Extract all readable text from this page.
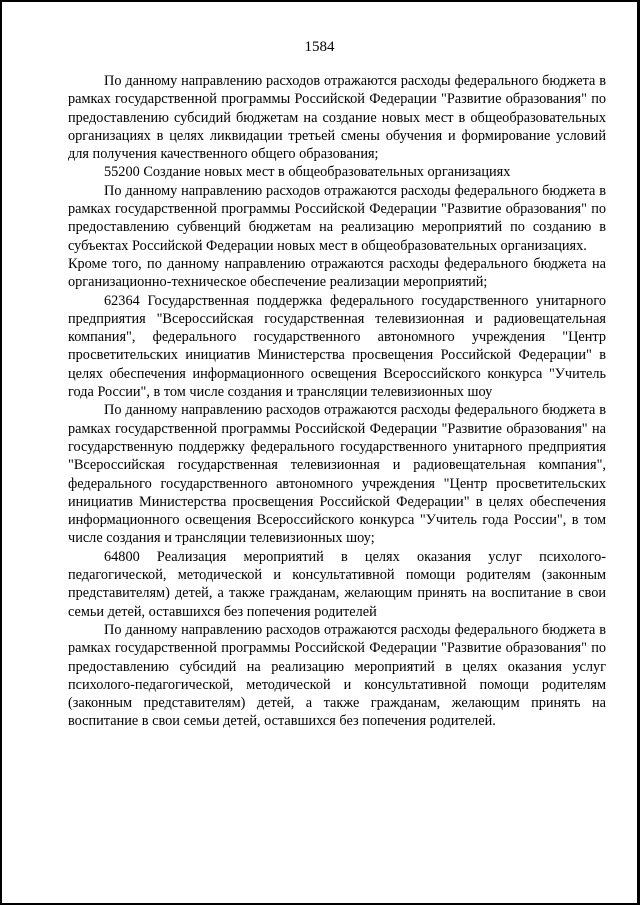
1584

По данному направлению расходов отражаются расходы федерального бюджета в рамках государственной программы Российской Федерации "Развитие образования" по предоставлению субсидий бюджетам на создание новых мест в общеобразовательных организациях в целях ликвидации третьей смены обучения и формирование условий для получения качественного общего образования;

55200 Создание новых мест в общеобразовательных организациях

По данному направлению расходов отражаются расходы федерального бюджета в рамках государственной программы Российской Федерации "Развитие образования" по предоставлению субвенций бюджетам на реализацию мероприятий по созданию в субъектах Российской Федерации новых мест в общеобразовательных организациях.

Кроме того, по данному направлению отражаются расходы федерального бюджета на организационно-техническое обеспечение реализации мероприятий;

62364 Государственная поддержка федерального государственного унитарного предприятия "Всероссийская государственная телевизионная и радиовещательная компания", федерального государственного автономного учреждения "Центр просветительских инициатив Министерства просвещения Российской Федерации" в целях обеспечения информационного освещения Всероссийского конкурса "Учитель года России", в том числе создания и трансляции телевизионных шоу

По данному направлению расходов отражаются расходы федерального бюджета в рамках государственной программы Российской Федерации "Развитие образования" на государственную поддержку федерального государственного унитарного предприятия "Всероссийская государственная телевизионная и радиовещательная компания", федерального государственного автономного учреждения "Центр просветительских инициатив Министерства просвещения Российской Федерации" в целях обеспечения информационного освещения Всероссийского конкурса "Учитель года России", в том числе создания и трансляции телевизионных шоу;

64800 Реализация мероприятий в целях оказания услуг психолого-педагогической, методической и консультативной помощи родителям (законным представителям) детей, а также гражданам, желающим принять на воспитание в свои семьи детей, оставшихся без попечения родителей

По данному направлению расходов отражаются расходы федерального бюджета в рамках государственной программы Российской Федерации "Развитие образования" по предоставлению субсидий на реализацию мероприятий в целях оказания услуг психолого-педагогической, методической и консультативной помощи родителям (законным представителям) детей, а также гражданам, желающим принять на воспитание в свои семьи детей, оставшихся без попечения родителей.
